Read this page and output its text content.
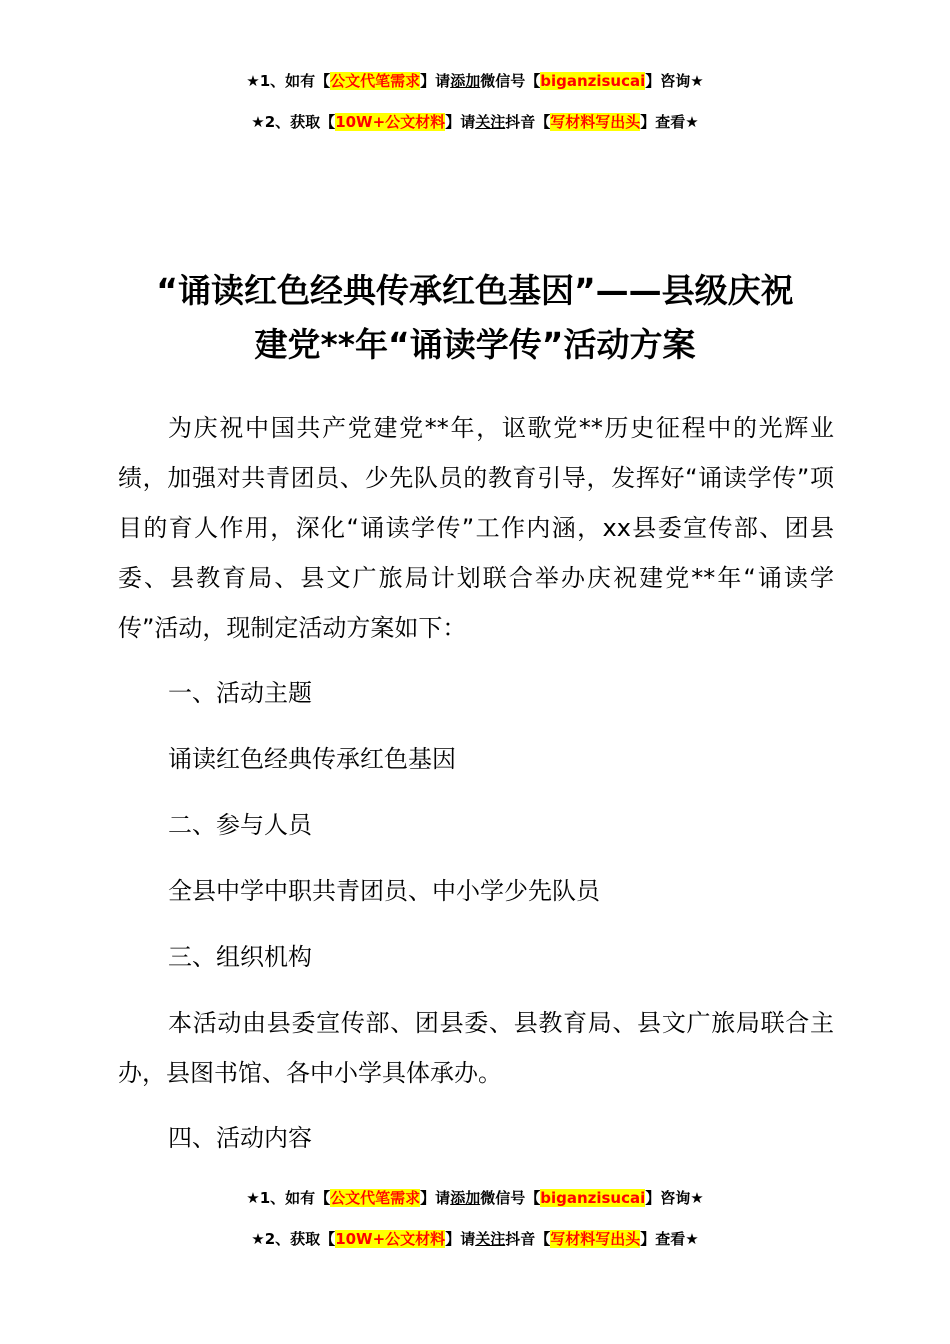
★1、如有【公文代笔需求】请添加微信号【biganzisucai】咨询★
★2、获取【10W+公文材料】请关注抖音【写材料写出头】查看★
“诵读红色经典传承红色基因”——县级庆祝
建党**年“诵读学传”活动方案
为庆祝中国共产党建党**年，讴歌党**历史征程中的光辉业绩，加强对共青团员、少先队员的教育引导，发挥好“诵读学传”项目的育人作用，深化“诵读学传”工作内涵，xx县委宣传部、团县委、县教育局、县文广旅局计划联合举办庆祝建党**年“诵读学传”活动，现制定活动方案如下：
一、活动主题
诵读红色经典传承红色基因
二、参与人员
全县中学中职共青团员、中小学少先队员
三、组织机构
本活动由县委宣传部、团县委、县教育局、县文广旅局联合主办，县图书馆、各中小学具体承办。
四、活动内容
★1、如有【公文代笔需求】请添加微信号【biganzisucai】咨询★
★2、获取【10W+公文材料】请关注抖音【写材料写出头】查看★
